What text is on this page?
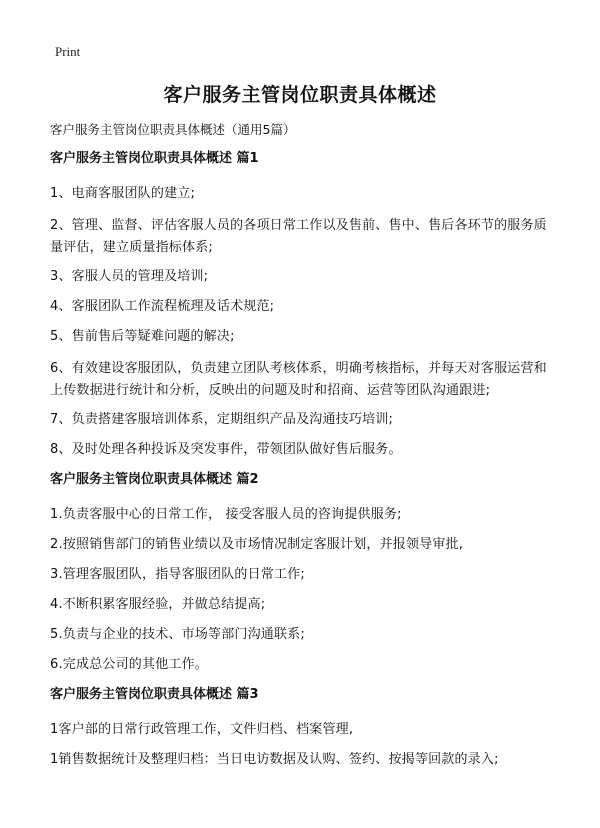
Print
客户服务主管岗位职责具体概述
客户服务主管岗位职责具体概述（通用5篇）
客户服务主管岗位职责具体概述 篇1
1、电商客服团队的建立;
2、管理、监督、评估客服人员的各项日常工作以及售前、售中、售后各环节的服务质量评估，建立质量指标体系;
3、客服人员的管理及培训;
4、客服团队工作流程梳理及话术规范;
5、售前售后等疑难问题的解决;
6、有效建设客服团队，负责建立团队考核体系，明确考核指标，并每天对客服运营和上传数据进行统计和分析，反映出的问题及时和招商、运营等团队沟通跟进;
7、负责搭建客服培训体系，定期组织产品及沟通技巧培训;
8、及时处理各种投诉及突发事件，带领团队做好售后服务。
客户服务主管岗位职责具体概述 篇2
1.负责客服中心的日常工作， 接受客服人员的咨询提供服务;
2.按照销售部门的销售业绩以及市场情况制定客服计划，并报领导审批,
3.管理客服团队，指导客服团队的日常工作;
4.不断积累客服经验，并做总结提高;
5.负责与企业的技术、市场等部门沟通联系;
6.完成总公司的其他工作。
客户服务主管岗位职责具体概述 篇3
1客户部的日常行政管理工作，文件归档、档案管理,
1销售数据统计及整理归档：当日电访数据及认购、签约、按揭等回款的录入;
